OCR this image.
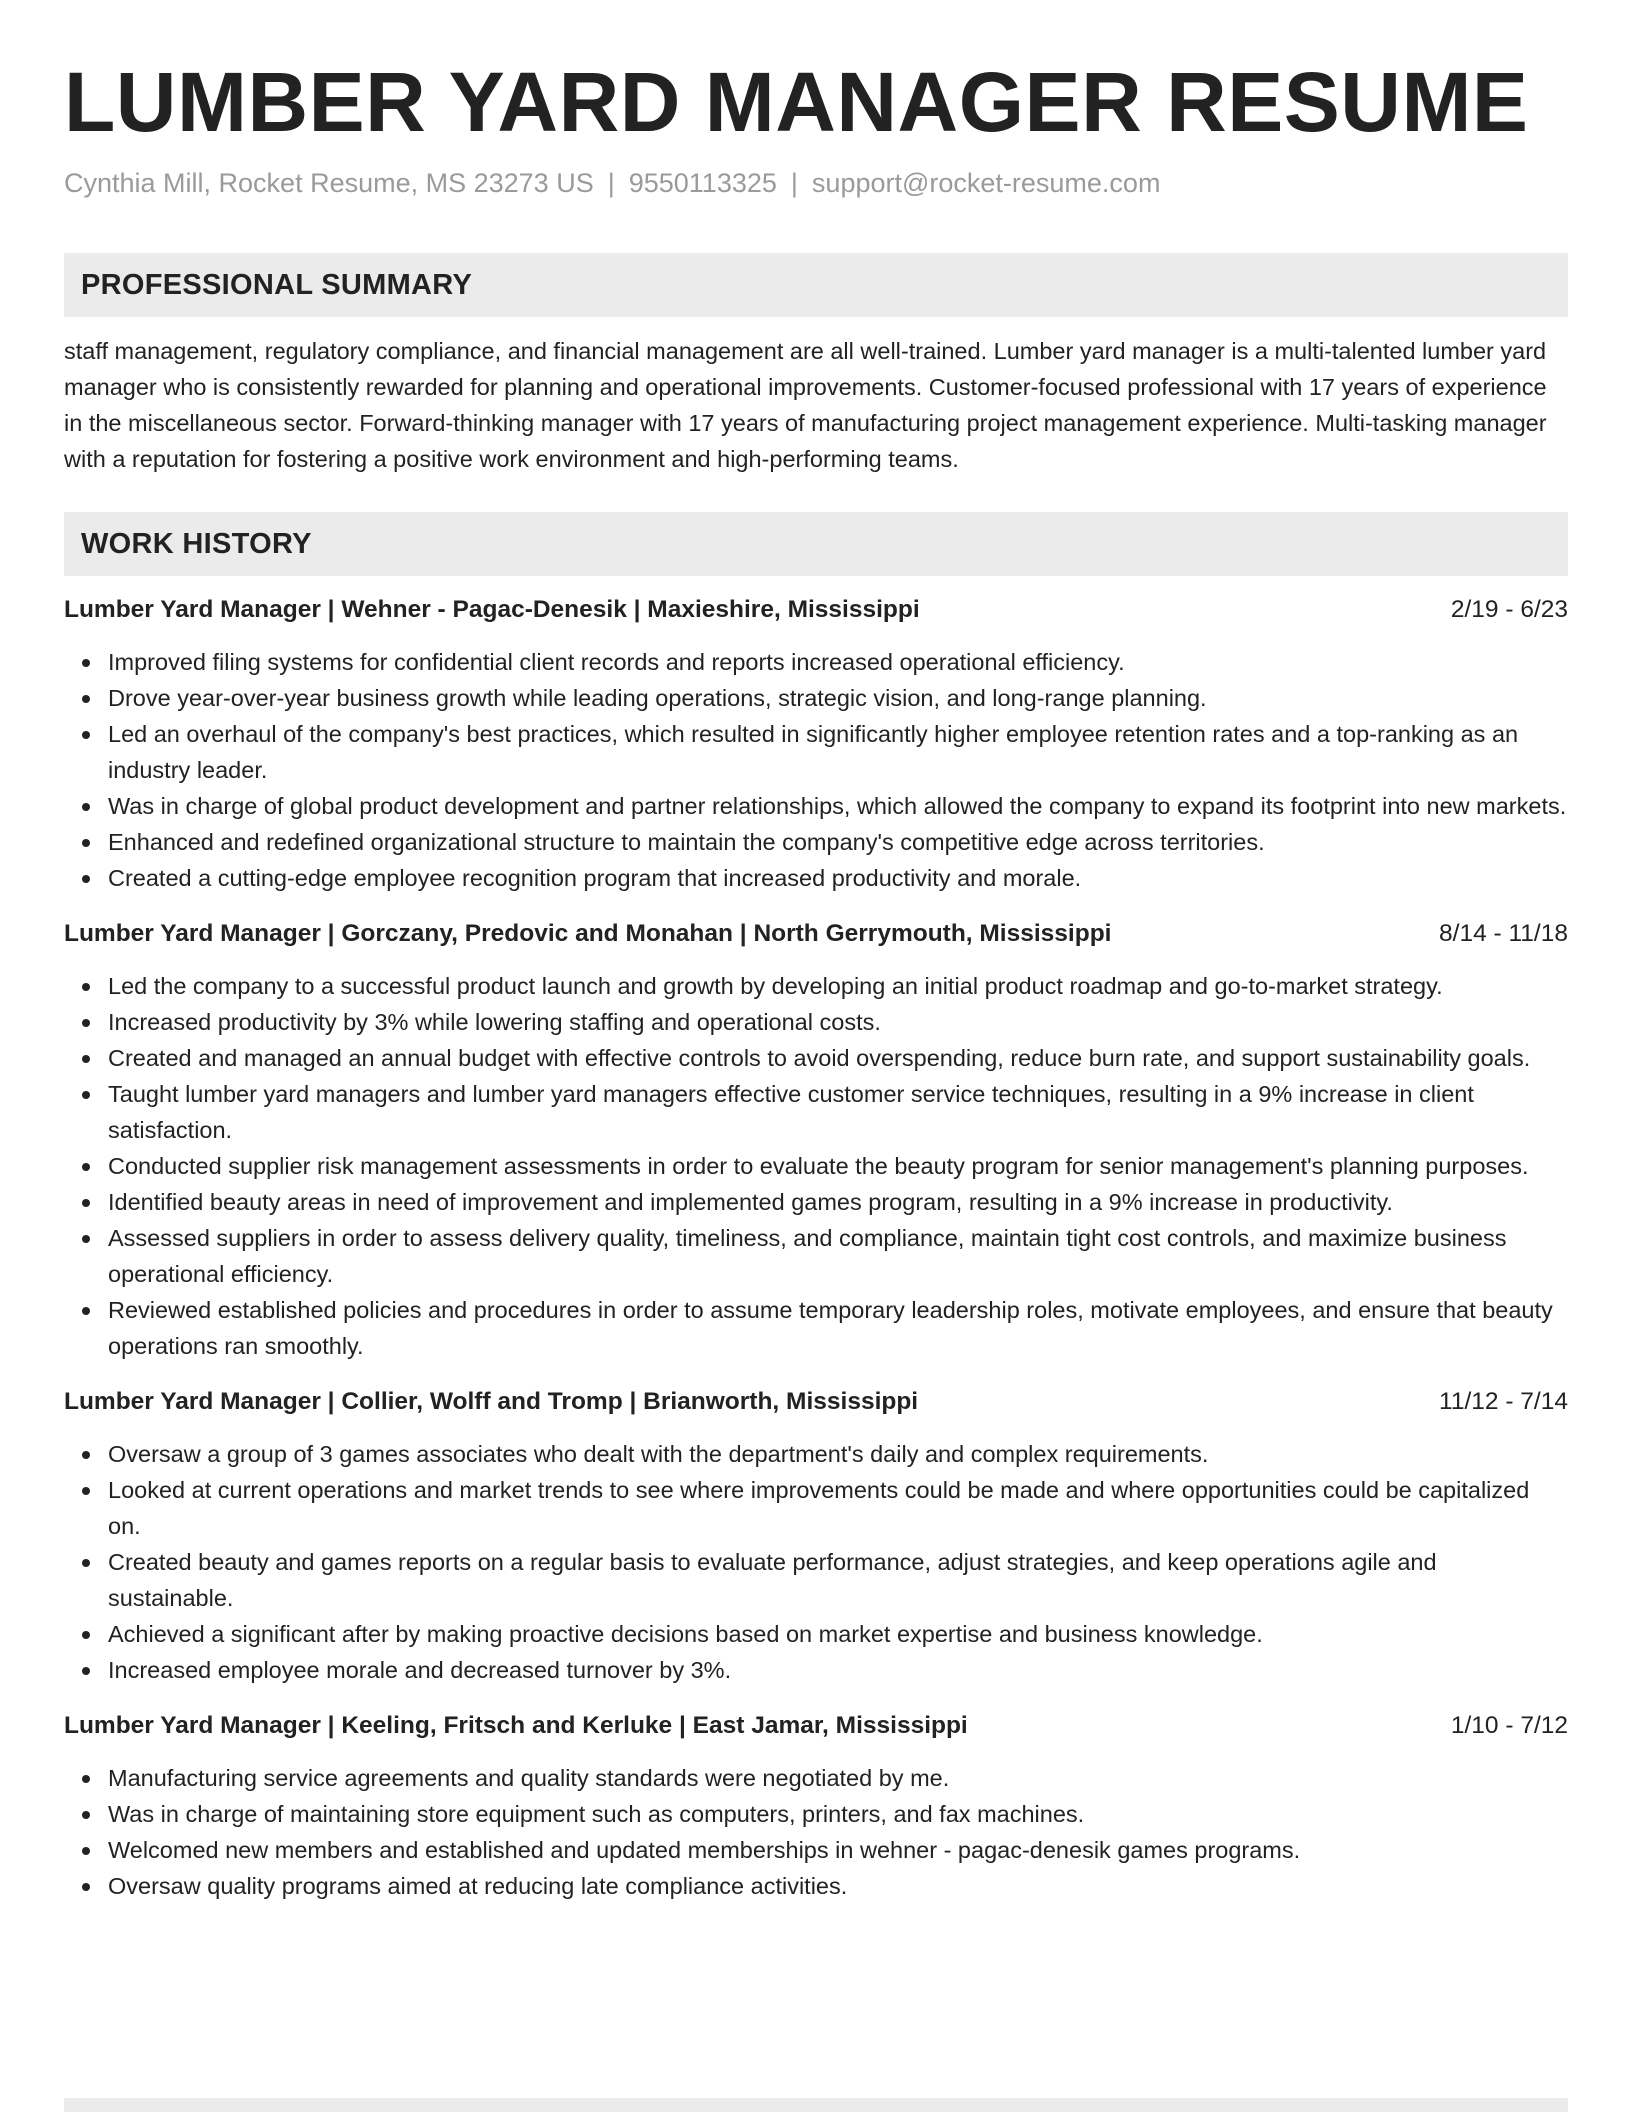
LUMBER YARD MANAGER RESUME
Cynthia Mill, Rocket Resume, MS 23273 US | 9550113325 | support@rocket-resume.com
PROFESSIONAL SUMMARY

staff management, regulatory compliance, and financial management are all well-trained. Lumber yard manager is a multi-talented lumber yard manager who is consistently rewarded for planning and operational improvements. Customer-focused professional with 17 years of experience in the miscellaneous sector. Forward-thinking manager with 17 years of manufacturing project management experience. Multi-tasking manager with a reputation for fostering a positive work environment and high-performing teams.

WORK HISTORY
Lumber Yard Manager | Wehner - Pagac-Denesik | Maxieshire, Mississippi	2/19 - 6/23
Improved filing systems for confidential client records and reports increased operational efficiency.
Drove year-over-year business growth while leading operations, strategic vision, and long-range planning.
Led an overhaul of the company's best practices, which resulted in significantly higher employee retention rates and a top-ranking as an industry leader.
Was in charge of global product development and partner relationships, which allowed the company to expand its footprint into new markets.
Enhanced and redefined organizational structure to maintain the company's competitive edge across territories.
Created a cutting-edge employee recognition program that increased productivity and morale.
Lumber Yard Manager | Gorczany, Predovic and Monahan | North Gerrymouth, Mississippi	8/14 - 11/18
Led the company to a successful product launch and growth by developing an initial product roadmap and go-to-market strategy.
Increased productivity by 3% while lowering staffing and operational costs.
Created and managed an annual budget with effective controls to avoid overspending, reduce burn rate, and support sustainability goals.
Taught lumber yard managers and lumber yard managers effective customer service techniques, resulting in a 9% increase in client satisfaction.
Conducted supplier risk management assessments in order to evaluate the beauty program for senior management's planning purposes.
Identified beauty areas in need of improvement and implemented games program, resulting in a 9% increase in productivity.
Assessed suppliers in order to assess delivery quality, timeliness, and compliance, maintain tight cost controls, and maximize business operational efficiency.
Reviewed established policies and procedures in order to assume temporary leadership roles, motivate employees, and ensure that beauty operations ran smoothly.
Lumber Yard Manager | Collier, Wolff and Tromp | Brianworth, Mississippi	11/12 - 7/14
Oversaw a group of 3 games associates who dealt with the department's daily and complex requirements.
Looked at current operations and market trends to see where improvements could be made and where opportunities could be capitalized on.
Created beauty and games reports on a regular basis to evaluate performance, adjust strategies, and keep operations agile and sustainable.
Achieved a significant after by making proactive decisions based on market expertise and business knowledge.
Increased employee morale and decreased turnover by 3%.
Lumber Yard Manager | Keeling, Fritsch and Kerluke | East Jamar, Mississippi	1/10 - 7/12
Manufacturing service agreements and quality standards were negotiated by me.
Was in charge of maintaining store equipment such as computers, printers, and fax machines.
Welcomed new members and established and updated memberships in wehner - pagac-denesik games programs.
Oversaw quality programs aimed at reducing late compliance activities.
